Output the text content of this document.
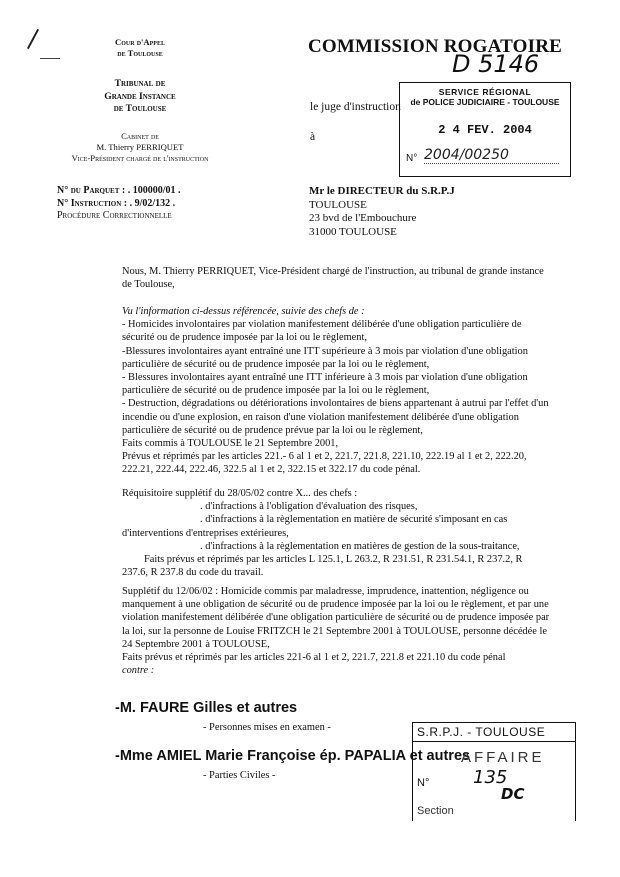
Cour d'Appel
de Toulouse
Tribunal de
Grande Instance
de Toulouse
Cabinet de
M. Thierry PERRIQUET
Vice-Président chargé de l'instruction
N° du Parquet : . 100000/01 .
N° Instruction : . 9/02/132 .
Procédure Correctionnelle
COMMISSION ROGATOIRE
D 5146
le juge d'instruction
à
SERVICE RÉGIONAL
de POLICE JUDICIAIRE - TOULOUSE
2 4 FEV. 2004
N° 2004/00250
Mr le DIRECTEUR du S.R.P.J
TOULOUSE
23 bvd de l'Embouchure
31000 TOULOUSE
Nous, M. Thierry PERRIQUET, Vice-Président chargé de l'instruction, au tribunal de grande instance
de Toulouse,
Vu l'information ci-dessus référencée, suivie des chefs de :
- Homicides involontaires par violation manifestement délibérée d'une obligation particulière de
sécurité ou de prudence imposée par la loi ou le règlement,
-Blessures involontaires ayant entraîné une ITT supérieure à 3 mois par violation d'une obligation
particulière de sécurité ou de prudence imposée par la loi ou le règlement,
- Blessures involontaires ayant entraîné une ITT inférieure à 3 mois par violation d'une obligation
particulière de sécurité ou de prudence imposée par la loi ou le règlement,
- Destruction, dégradations ou détériorations involontaires de biens appartenant à autrui par l'effet d'un
incendie ou d'une explosion, en raison d'une violation manifestement délibérée d'une obligation
particulière de sécurité ou de prudence prévue par la loi ou le règlement,
Faits commis à TOULOUSE le 21 Septembre 2001,
Prévus et réprimés par les articles 221.- 6 al 1 et 2, 221.7, 221.8, 221.10, 222.19 al 1 et 2, 222.20,
222.21, 222.44, 222.46, 322.5 al 1 et 2, 322.15 et 322.17 du code pénal.
Réquisitoire supplétif du 28/05/02 contre X... des chefs :
. d'infractions à l'obligation d'évaluation des risques,
. d'infractions à la règlementation en matière de sécurité s'imposant en cas
d'interventions d'entreprises extérieures,
. d'infractions à la règlementation en matières de gestion de la sous-traitance,
Faits prévus et réprimés par les articles L 125.1, L 263.2, R 231.51, R 231.54.1, R 237.2, R
237.6, R 237.8 du code du travail.
Supplétif du 12/06/02 : Homicide commis par maladresse, imprudence, inattention, négligence ou
manquement à une obligation de sécurité ou de prudence imposée par la loi ou le règlement, et par une
violation manifestement délibérée d'une obligation particulière de sécurité ou de prudence imposée par
la loi, sur la personne de Louise FRITZCH le 21 Septembre 2001 à TOULOUSE, personne décédée le
24 Septembre 2001 à TOULOUSE,
Faits prévus et réprimés par les articles 221-6 al 1 et 2, 221.7, 221.8 et 221.10 du code pénal
contre :
-M. FAURE Gilles et autres
- Personnes mises en examen -
-Mme AMIEL Marie Françoise ép. PAPALIA et autres
- Parties Civiles -
S.R.P.J. - TOULOUSE
AFFAIRE
N° 135
DC
Section
